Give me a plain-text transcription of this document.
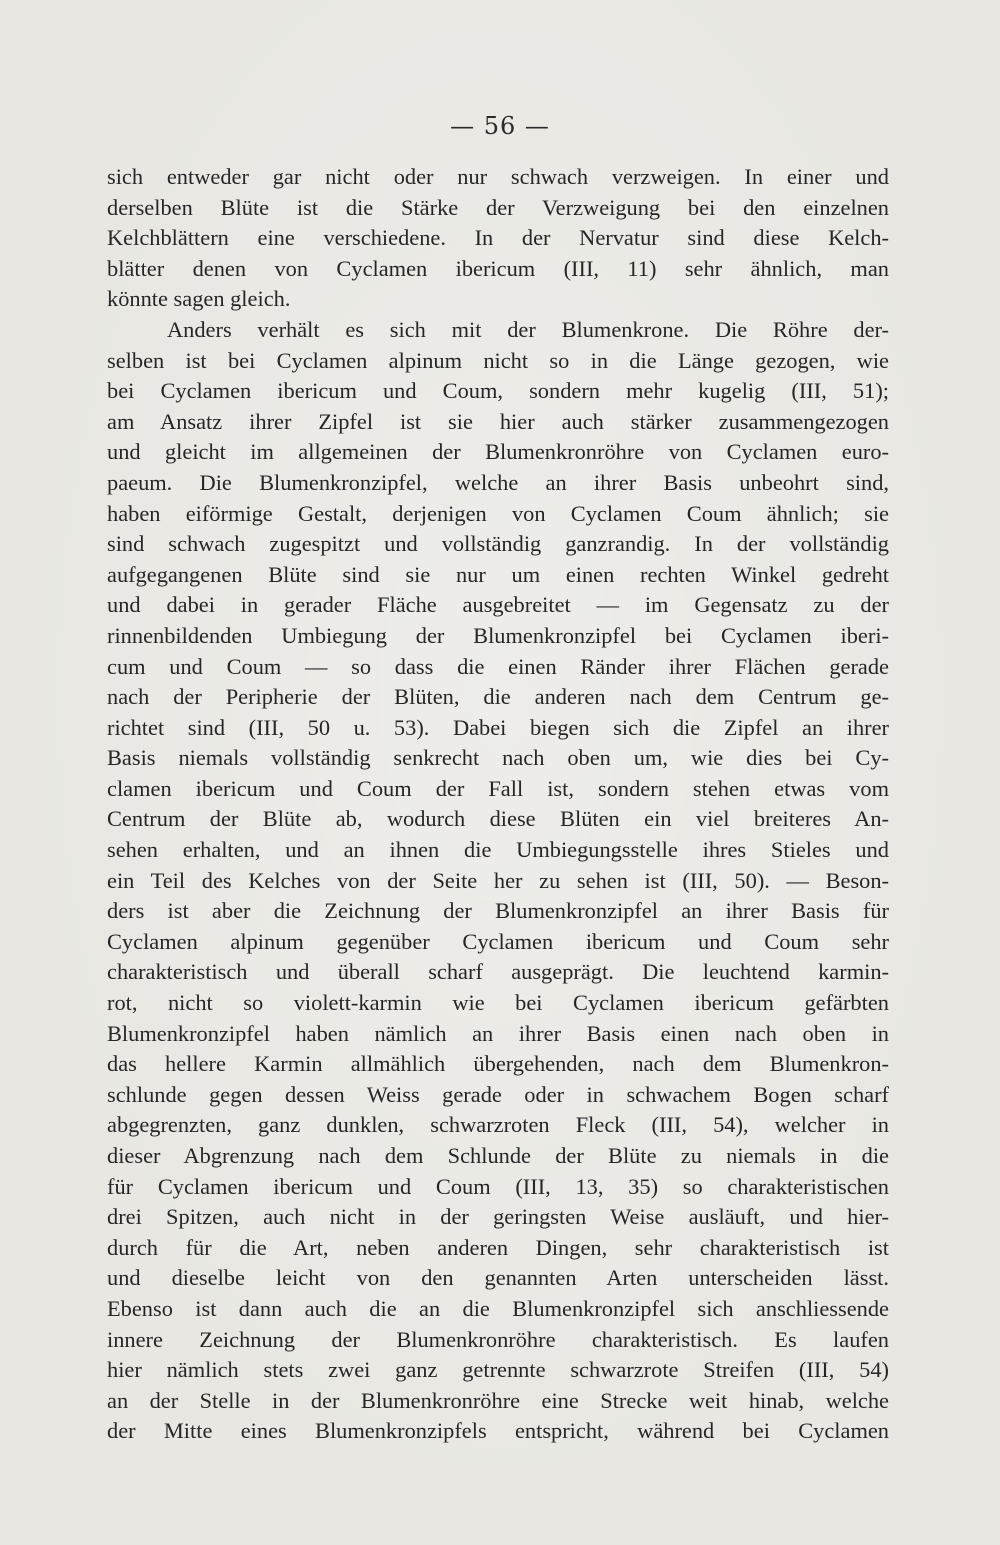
— 56 —
sich entweder gar nicht oder nur schwach verzweigen. In einer und
derselben Blüte ist die Stärke der Verzweigung bei den einzelnen
Kelchblättern eine verschiedene. In der Nervatur sind diese Kelch-
blätter denen von Cyclamen ibericum (III, 11) sehr ähnlich, man
könnte sagen gleich.
Anders verhält es sich mit der Blumenkrone. Die Röhre der-
selben ist bei Cyclamen alpinum nicht so in die Länge gezogen, wie
bei Cyclamen ibericum und Coum, sondern mehr kugelig (III, 51);
am Ansatz ihrer Zipfel ist sie hier auch stärker zusammengezogen
und gleicht im allgemeinen der Blumenkronröhre von Cyclamen euro-
paeum. Die Blumenkronzipfel, welche an ihrer Basis unbeohrt sind,
haben eiförmige Gestalt, derjenigen von Cyclamen Coum ähnlich; sie
sind schwach zugespitzt und vollständig ganzrandig. In der vollständig
aufgegangenen Blüte sind sie nur um einen rechten Winkel gedreht
und dabei in gerader Fläche ausgebreitet — im Gegensatz zu der
rinnenbildenden Umbiegung der Blumenkronzipfel bei Cyclamen iberi-
cum und Coum — so dass die einen Ränder ihrer Flächen gerade
nach der Peripherie der Blüten, die anderen nach dem Centrum ge-
richtet sind (III, 50 u. 53). Dabei biegen sich die Zipfel an ihrer
Basis niemals vollständig senkrecht nach oben um, wie dies bei Cy-
clamen ibericum und Coum der Fall ist, sondern stehen etwas vom
Centrum der Blüte ab, wodurch diese Blüten ein viel breiteres An-
sehen erhalten, und an ihnen die Umbiegungsstelle ihres Stieles und
ein Teil des Kelches von der Seite her zu sehen ist (III, 50). — Beson-
ders ist aber die Zeichnung der Blumenkronzipfel an ihrer Basis für
Cyclamen alpinum gegenüber Cyclamen ibericum und Coum sehr
charakteristisch und überall scharf ausgeprägt. Die leuchtend karmin-
rot, nicht so violett-karmin wie bei Cyclamen ibericum gefärbten
Blumenkronzipfel haben nämlich an ihrer Basis einen nach oben in
das hellere Karmin allmählich übergehenden, nach dem Blumenkron-
schlunde gegen dessen Weiss gerade oder in schwachem Bogen scharf
abgegrenzten, ganz dunklen, schwarzroten Fleck (III, 54), welcher in
dieser Abgrenzung nach dem Schlunde der Blüte zu niemals in die
für Cyclamen ibericum und Coum (III, 13, 35) so charakteristischen
drei Spitzen, auch nicht in der geringsten Weise ausläuft, und hier-
durch für die Art, neben anderen Dingen, sehr charakteristisch ist
und dieselbe leicht von den genannten Arten unterscheiden lässt.
Ebenso ist dann auch die an die Blumenkronzipfel sich anschliessende
innere Zeichnung der Blumenkronröhre charakteristisch. Es laufen
hier nämlich stets zwei ganz getrennte schwarzrote Streifen (III, 54)
an der Stelle in der Blumenkronröhre eine Strecke weit hinab, welche
der Mitte eines Blumenkronzipfels entspricht, während bei Cyclamen
